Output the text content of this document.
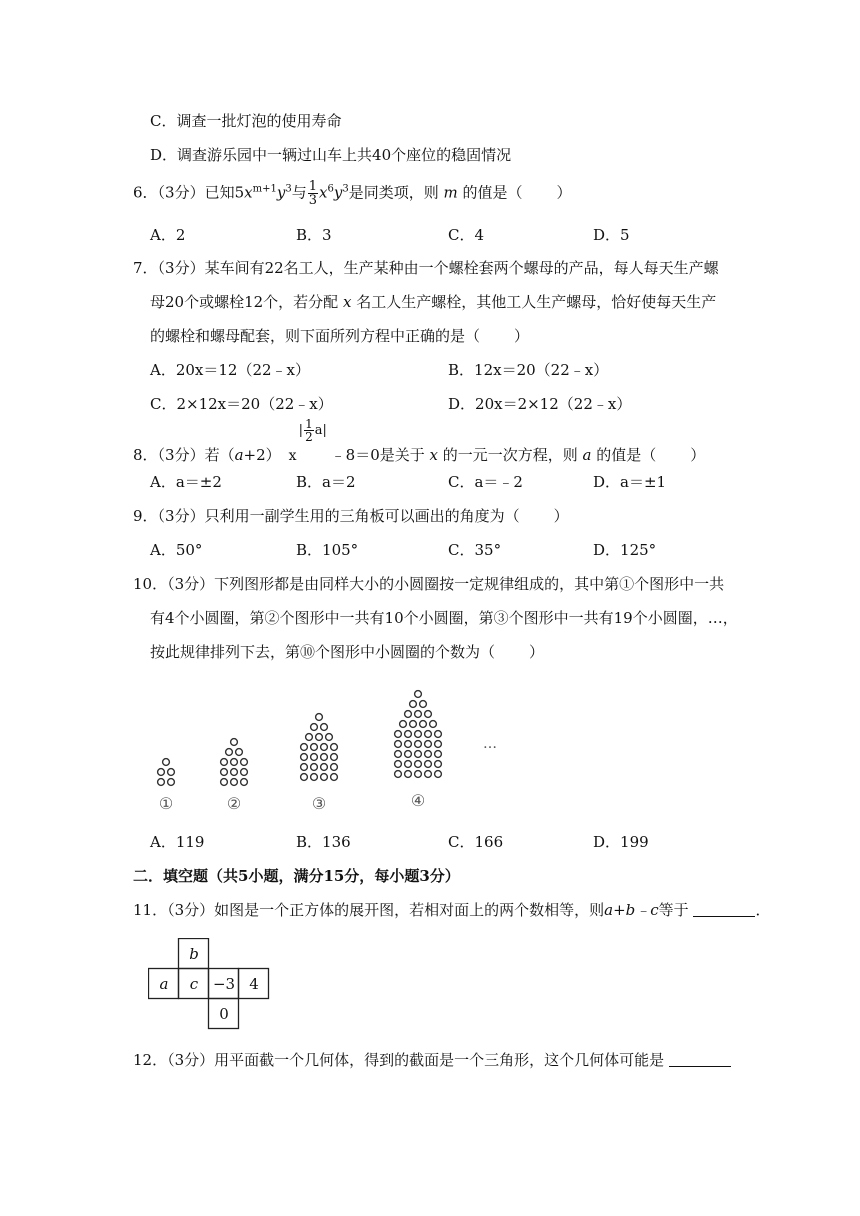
C．调查一批灯泡的使用寿命
D．调查游乐园中一辆过山车上共40个座位的稳固情况
6．（3分）已知$5x^{m+1}y^3$与 $\frac{1}{3} x^6y^3$是同类项，则 m 的值是（ ）
A．2	B．3	C．4	D．5
7．（3分）某车间有22名工人，生产某种由一个螺栓套两个螺母的产品，每人每天生产螺
母20个或螺栓12个，若分配 x 名工人生产螺栓，其他工人生产螺母，恰好使每天生产
的螺栓和螺母配套，则下面所列方程中正确的是（ ）
A．20x＝12（22﹣x）	B．12x＝20（22﹣x）
C．2×12x＝20（22﹣x）	D．20x＝2×12（22﹣x）
8．（3分）若（a+2） x
| $\frac{1}{2} a|$
﹣8＝0是关于 x 的一元一次方程，则 a 的值是（ ）
A．a＝±2	B．a＝2	C．a＝﹣2	D．a＝±1
9．（3分）只利用一副学生用的三角板可以画出的角度为（ ）
A．50°	B．105°	C．35°	D．125°
10．（3分）下列图形都是由同样大小的小圆圈按一定规律组成的，其中第①个图形中一共
有4个小圆圈，第②个图形中一共有10个小圆圈，第③个图形中一共有19个小圆圈，…，
按此规律排列下去，第⑩个图形中小圆圈的个数为（ ）
①	②	③	④
…
A．119	B．136	C．166	D．199
二．填空题（共5小题，满分15分，每小题3分）
11．（3分）如图是一个正方体的展开图，若相对面上的两个数相等，则a+b﹣c等于	．
b
a c −3 4
0
12．（3分）用平面截一个几何体，得到的截面是一个三角形，这个几何体可能是
